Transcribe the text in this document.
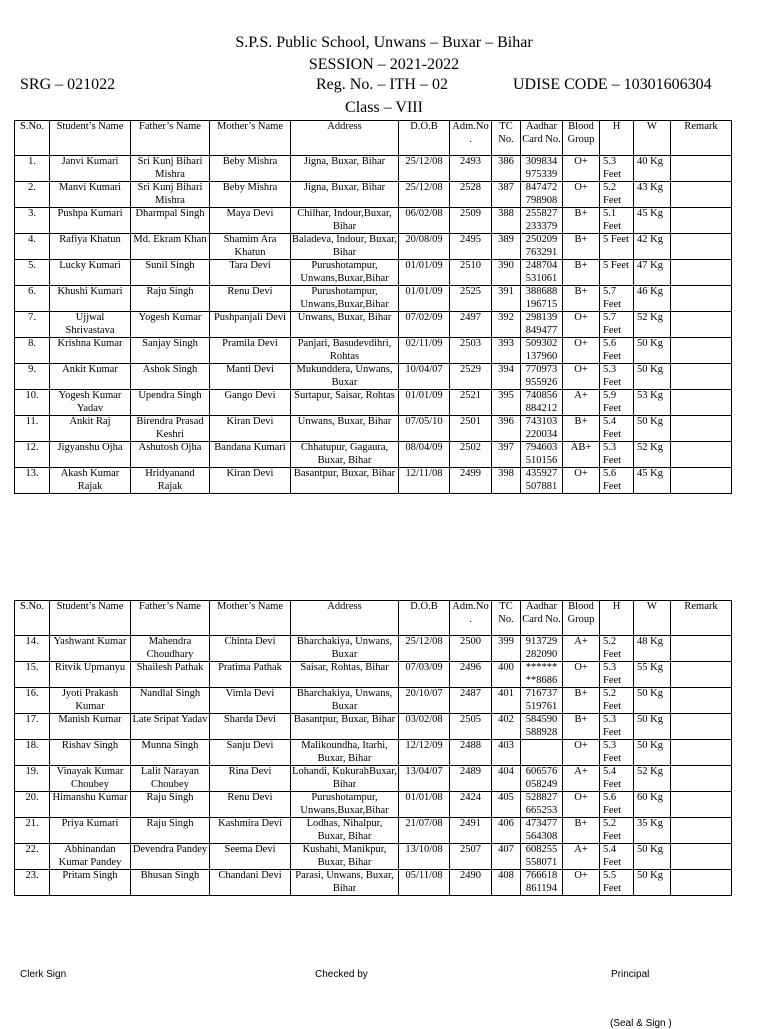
S.P.S. Public School, Unwans – Buxar – Bihar
SESSION – 2021-2022
SRG – 021022	Reg. No. – ITH – 02	UDISE CODE – 10301606304
Class – VIII
S.No.	Student’s Name	Father’s Name	Mother’s Name	Address	D.O.B	Adm.No .	TC No.	Aadhar Card No.	Blood Group	H	W	Remark
1.	Janvi Kumari	Sri Kunj Bihari Mishra	Beby Mishra	Jigna, Buxar, Bihar	25/12/08	2493	386	309834 975339	O+	5.3 Feet	40 Kg	
2.	Manvi Kumari	Sri Kunj Bihari Mishra	Beby Mishra	Jigna, Buxar, Bihar	25/12/08	2528	387	847472 798908	O+	5.2 Feet	43 Kg	
3.	Pushpa Kumari	Dharmpal Singh	Maya Devi	Chilhar, Indour,Buxar, Bihar	06/02/08	2509	388	255827 233379	B+	5.1 Feet	45 Kg	
4.	Rafiya Khatun	Md. Ekram Khan	Shamim Ara Khatun	Baladeva, Indour, Buxar, Bihar	20/08/09	2495	389	250209 763291	B+	5 Feet	42 Kg	
5.	Lucky Kumari	Sunil Singh	Tara Devi	Purushotampur, Unwans,Buxar,Bihar	01/01/09	2510	390	248704 531061	B+	5 Feet	47 Kg	
6.	Khushi Kumari	Raju Singh	Renu Devi	Purushotampur, Unwans,Buxar,Bihar	01/01/09	2525	391	388688 196715	B+	5.7 Feet	46 Kg	
7.	Ujjwal Shrivastava	Yogesh Kumar	Pushpanjali Devi	Unwans, Buxar, Bihar	07/02/09	2497	392	298139 849477	O+	5.7 Feet	52 Kg	
8.	Krishna Kumar	Sanjay Singh	Pramila Devi	Panjari, Basudevdihri, Rohtas	02/11/09	2503	393	509302 137960	O+	5.6 Feet	50 Kg	
9.	Ankit Kumar	Ashok Singh	Manti Devi	Mukunddera, Unwans, Buxar	10/04/07	2529	394	770973 955926	O+	5.3 Feet	50 Kg	
10.	Yogesh Kumar Yadav	Upendra Singh	Gango Devi	Surtapur, Saisar, Rohtas	01/01/09	2521	395	740856 884212	A+	5.9 Feet	53 Kg	
11.	Ankit Raj	Birendra Prasad Keshri	Kiran Devi	Unwans, Buxar, Bihar	07/05/10	2501	396	743103 220034	B+	5.4 Feet	50 Kg	
12.	Jigyanshu Ojha	Ashutosh Ojha	Bandana Kumari	Chhatupur, Gagaura, Buxar, Bihar	08/04/09	2502	397	794603 510156	AB+	5.3 Feet	52 Kg	
13.	Akash Kumar Rajak	Hridyanand Rajak	Kiran Devi	Basantpur, Buxar, Bihar	12/11/08	2499	398	435927 507881	O+	5.6 Feet	45 Kg	
S.No.	Student’s Name	Father’s Name	Mother’s Name	Address	D.O.B	Adm.No .	TC No.	Aadhar Card No.	Blood Group	H	W	Remark
14.	Yashwant Kumar	Mahendra Choudhary	Chinta Devi	Bharchakiya, Unwans, Buxar	25/12/08	2500	399	913729 282090	A+	5.2 Feet	48 Kg	
15.	Ritvik Upmanyu	Shailesh Pathak	Pratima Pathak	Saisar, Rohtas, Bihar	07/03/09	2496	400	****** **8686	O+	5.3 Feet	55 Kg	
16.	Jyoti Prakash Kumar	Nandlal Singh	Vimla Devi	Bharchakiya, Unwans, Buxar	20/10/07	2487	401	716737 519761	B+	5.2 Feet	50 Kg	
17.	Manish Kumar	Late Sripat Yadav	Sharda Devi	Basantpur, Buxar, Bihar	03/02/08	2505	402	584590 588928	B+	5.3 Feet	50 Kg	
18.	Rishav Singh	Munna Singh	Sanju Devi	Malikoundha, Itarhi, Buxar, Bihar	12/12/09	2488	403		O+	5.3 Feet	50 Kg	
19.	Vinayak Kumar Choubey	Lalit Narayan Choubey	Rina Devi	Lohandi, KukurahBuxar, Bihar	13/04/07	2489	404	606576 058249	A+	5.4 Feet	52 Kg	
20.	Himanshu Kumar	Raju Singh	Renu Devi	Purushotampur, Unwans,Buxar,Bihar	01/01/08	2424	405	528827 665253	O+	5.6 Feet	60 Kg	
21.	Priya Kumari	Raju Singh	Kashmira Devi	Lodhas, Nihalpur, Buxar, Bihar	21/07/08	2491	406	473477 564308	B+	5.2 Feet	35 Kg	
22.	Abhinandan Kumar Pandey	Devendra Pandey	Seema Devi	Kushahi, Manikpur, Buxar, Bihar	13/10/08	2507	407	608255 558071	A+	5.4 Feet	50 Kg	
23.	Pritam Singh	Bhusan Singh	Chandani Devi	Parasi, Unwans, Buxar, Bihar	05/11/08	2490	408	766618 861194	O+	5.5 Feet	50 Kg	
Clerk Sign	Checked by	Principal
(Seal & Sign )
